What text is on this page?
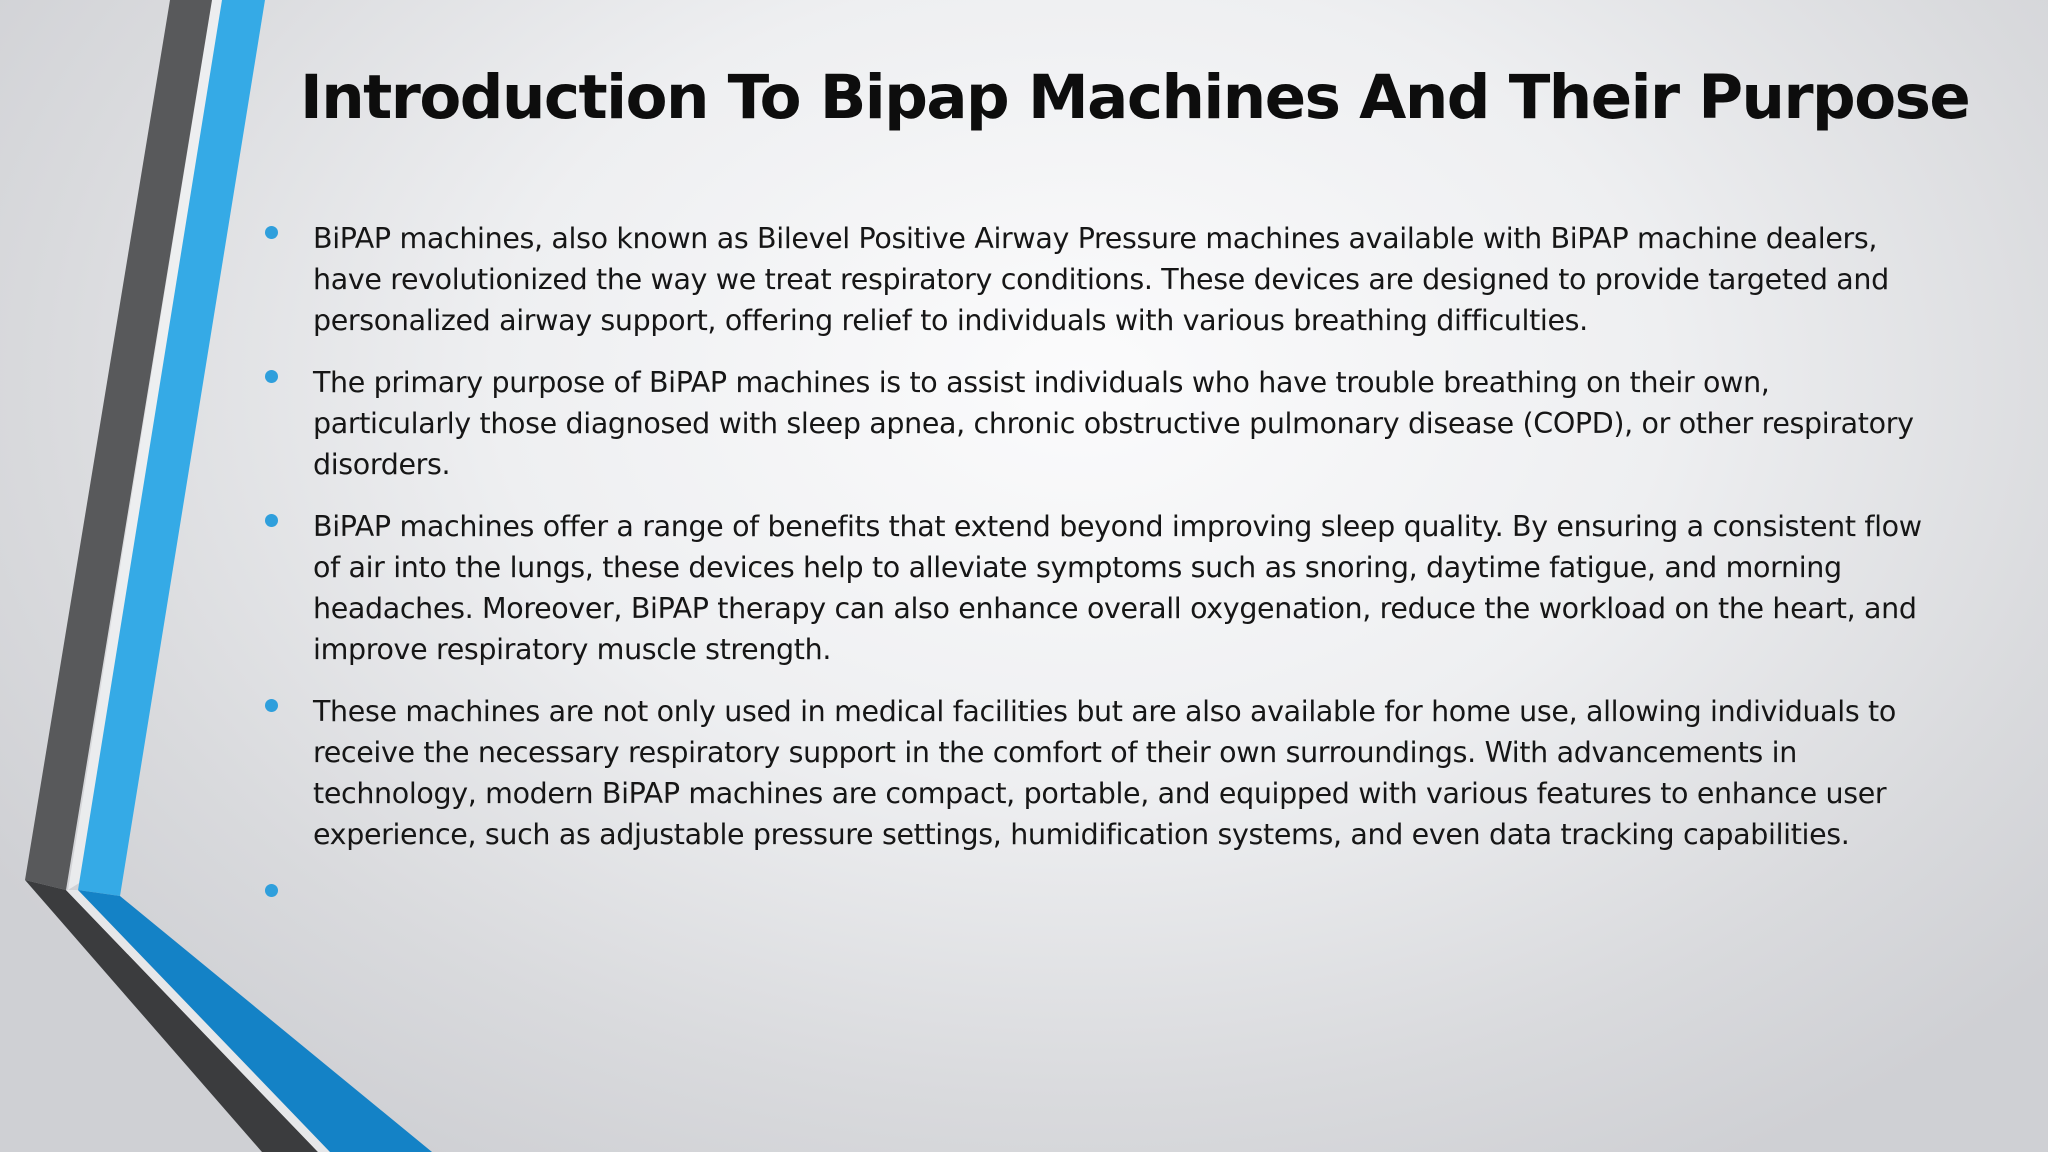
Introduction To Bipap Machines And Their Purpose
BiPAP machines, also known as Bilevel Positive Airway Pressure machines available with BiPAP machine dealers, have revolutionized the way we treat respiratory conditions. These devices are designed to provide targeted and personalized airway support, offering relief to individuals with various breathing difficulties.
The primary purpose of BiPAP machines is to assist individuals who have trouble breathing on their own, particularly those diagnosed with sleep apnea, chronic obstructive pulmonary disease (COPD), or other respiratory disorders.
BiPAP machines offer a range of benefits that extend beyond improving sleep quality. By ensuring a consistent flow of air into the lungs, these devices help to alleviate symptoms such as snoring, daytime fatigue, and morning headaches. Moreover, BiPAP therapy can also enhance overall oxygenation, reduce the workload on the heart, and improve respiratory muscle strength.
These machines are not only used in medical facilities but are also available for home use, allowing individuals to receive the necessary respiratory support in the comfort of their own surroundings. With advancements in technology, modern BiPAP machines are compact, portable, and equipped with various features to enhance user experience, such as adjustable pressure settings, humidification systems, and even data tracking capabilities.
